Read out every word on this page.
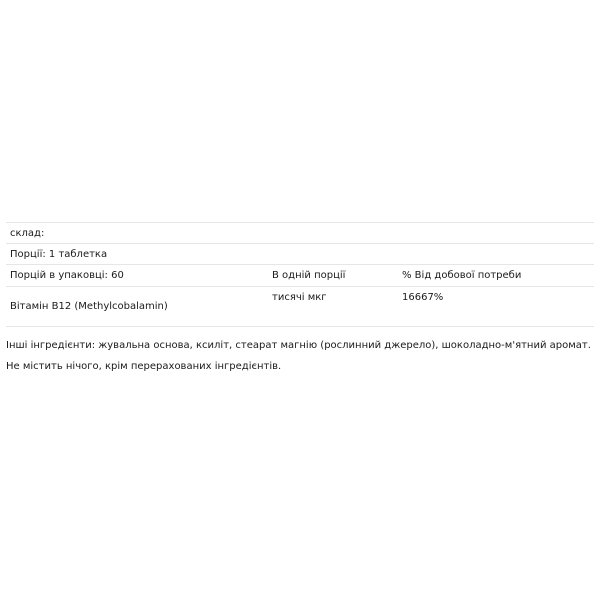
склад:		
Порції: 1 таблетка		
Порцій в упаковці: 60	В одній порції	% Від добової потреби
Вітамін B12 (Methylcobalamin)	тисячі мкг	16667%
Інші інгредієнти: жувальна основа, ксиліт, стеарат магнію (рослинний джерело), шоколадно-м'ятний аромат.
Не містить нічого, крім перерахованих інгредієнтів.
